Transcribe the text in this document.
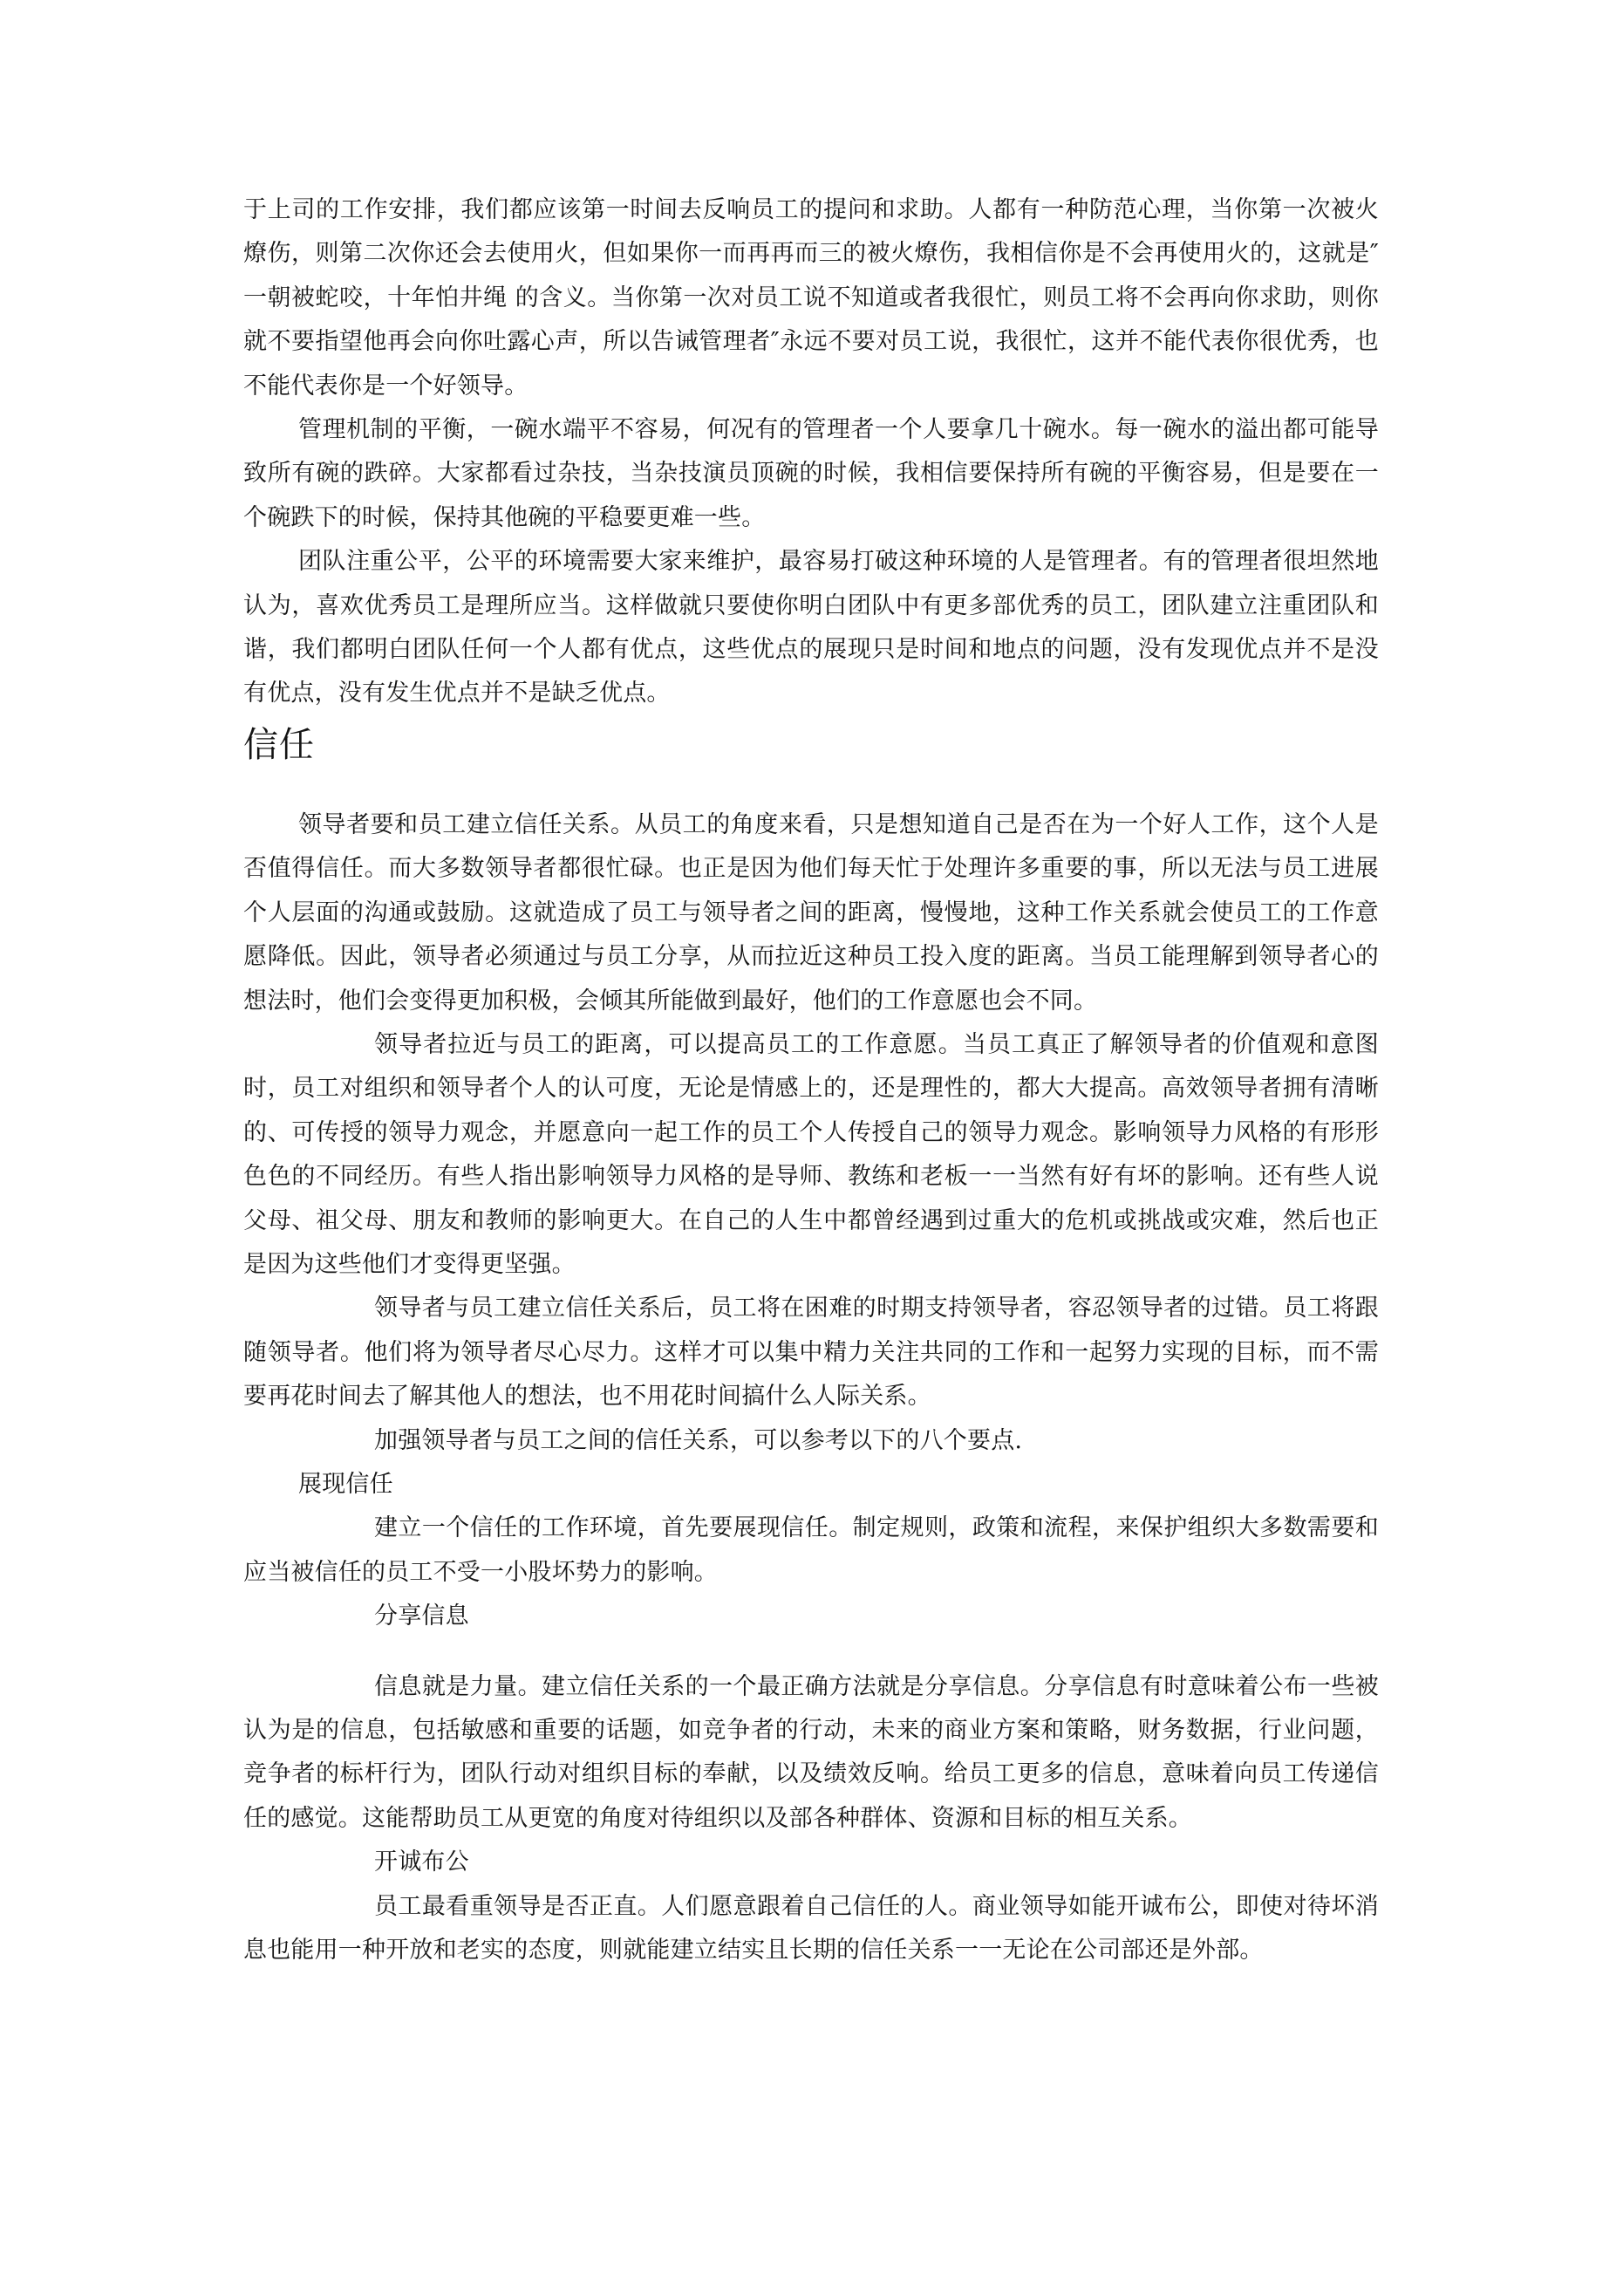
于上司的工作安排，我们都应该第一时间去反响员工的提问和求助。人都有一种防范心理，当你第一次被火燎伤，则第二次你还会去使用火，但如果你一而再再而三的被火燎伤，我相信你是不会再使用火的，这就是″一朝被蛇咬，十年怕井绳 的含义。当你第一次对员工说不知道或者我很忙，则员工将不会再向你求助，则你就不要指望他再会向你吐露心声，所以告诫管理者″永远不要对员工说，我很忙，这并不能代表你很优秀，也不能代表你是一个好领导。

管理机制的平衡，一碗水端平不容易，何况有的管理者一个人要拿几十碗水。每一碗水的溢出都可能导致所有碗的跌碎。大家都看过杂技，当杂技演员顶碗的时候，我相信要保持所有碗的平衡容易，但是要在一个碗跌下的时候，保持其他碗的平稳要更难一些。

团队注重公平，公平的环境需要大家来维护，最容易打破这种环境的人是管理者。有的管理者很坦然地认为，喜欢优秀员工是理所应当。这样做就只要使你明白团队中有更多部优秀的员工，团队建立注重团队和谐，我们都明白团队任何一个人都有优点，这些优点的展现只是时间和地点的问题，没有发现优点并不是没有优点，没有发生优点并不是缺乏优点。

信任

领导者要和员工建立信任关系。从员工的角度来看，只是想知道自己是否在为一个好人工作，这个人是否值得信任。而大多数领导者都很忙碌。也正是因为他们每天忙于处理许多重要的事，所以无法与员工进展个人层面的沟通或鼓励。这就造成了员工与领导者之间的距离，慢慢地，这种工作关系就会使员工的工作意愿降低。因此，领导者必须通过与员工分享，从而拉近这种员工投入度的距离。当员工能理解到领导者心的想法时，他们会变得更加积极，会倾其所能做到最好，他们的工作意愿也会不同。

领导者拉近与员工的距离，可以提高员工的工作意愿。当员工真正了解领导者的价值观和意图时，员工对组织和领导者个人的认可度，无论是情感上的，还是理性的，都大大提高。高效领导者拥有清晰的、可传授的领导力观念，并愿意向一起工作的员工个人传授自己的领导力观念。影响领导力风格的有形形色色的不同经历。有些人指出影响领导力风格的是导师、教练和老板一一当然有好有坏的影响。还有些人说父母、祖父母、朋友和教师的影响更大。在自己的人生中都曾经遇到过重大的危机或挑战或灾难，然后也正是因为这些他们才变得更坚强。

领导者与员工建立信任关系后，员工将在困难的时期支持领导者，容忍领导者的过错。员工将跟随领导者。他们将为领导者尽心尽力。这样才可以集中精力关注共同的工作和一起努力实现的目标，而不需要再花时间去了解其他人的想法，也不用花时间搞什么人际关系。

加强领导者与员工之间的信任关系，可以参考以下的八个要点.

展现信任

建立一个信任的工作环境，首先要展现信任。制定规则，政策和流程，来保护组织大多数需要和应当被信任的员工不受一小股坏势力的影响。

分享信息

信息就是力量。建立信任关系的一个最正确方法就是分享信息。分享信息有时意味着公布一些被认为是的信息，包括敏感和重要的话题，如竞争者的行动，未来的商业方案和策略，财务数据，行业问题，竞争者的标杆行为，团队行动对组织目标的奉献，以及绩效反响。给员工更多的信息，意味着向员工传递信任的感觉。这能帮助员工从更宽的角度对待组织以及部各种群体、资源和目标的相互关系。

开诚布公

员工最看重领导是否正直。人们愿意跟着自己信任的人。商业领导如能开诚布公，即使对待坏消息也能用一种开放和老实的态度，则就能建立结实且长期的信任关系一一无论在公司部还是外部。
